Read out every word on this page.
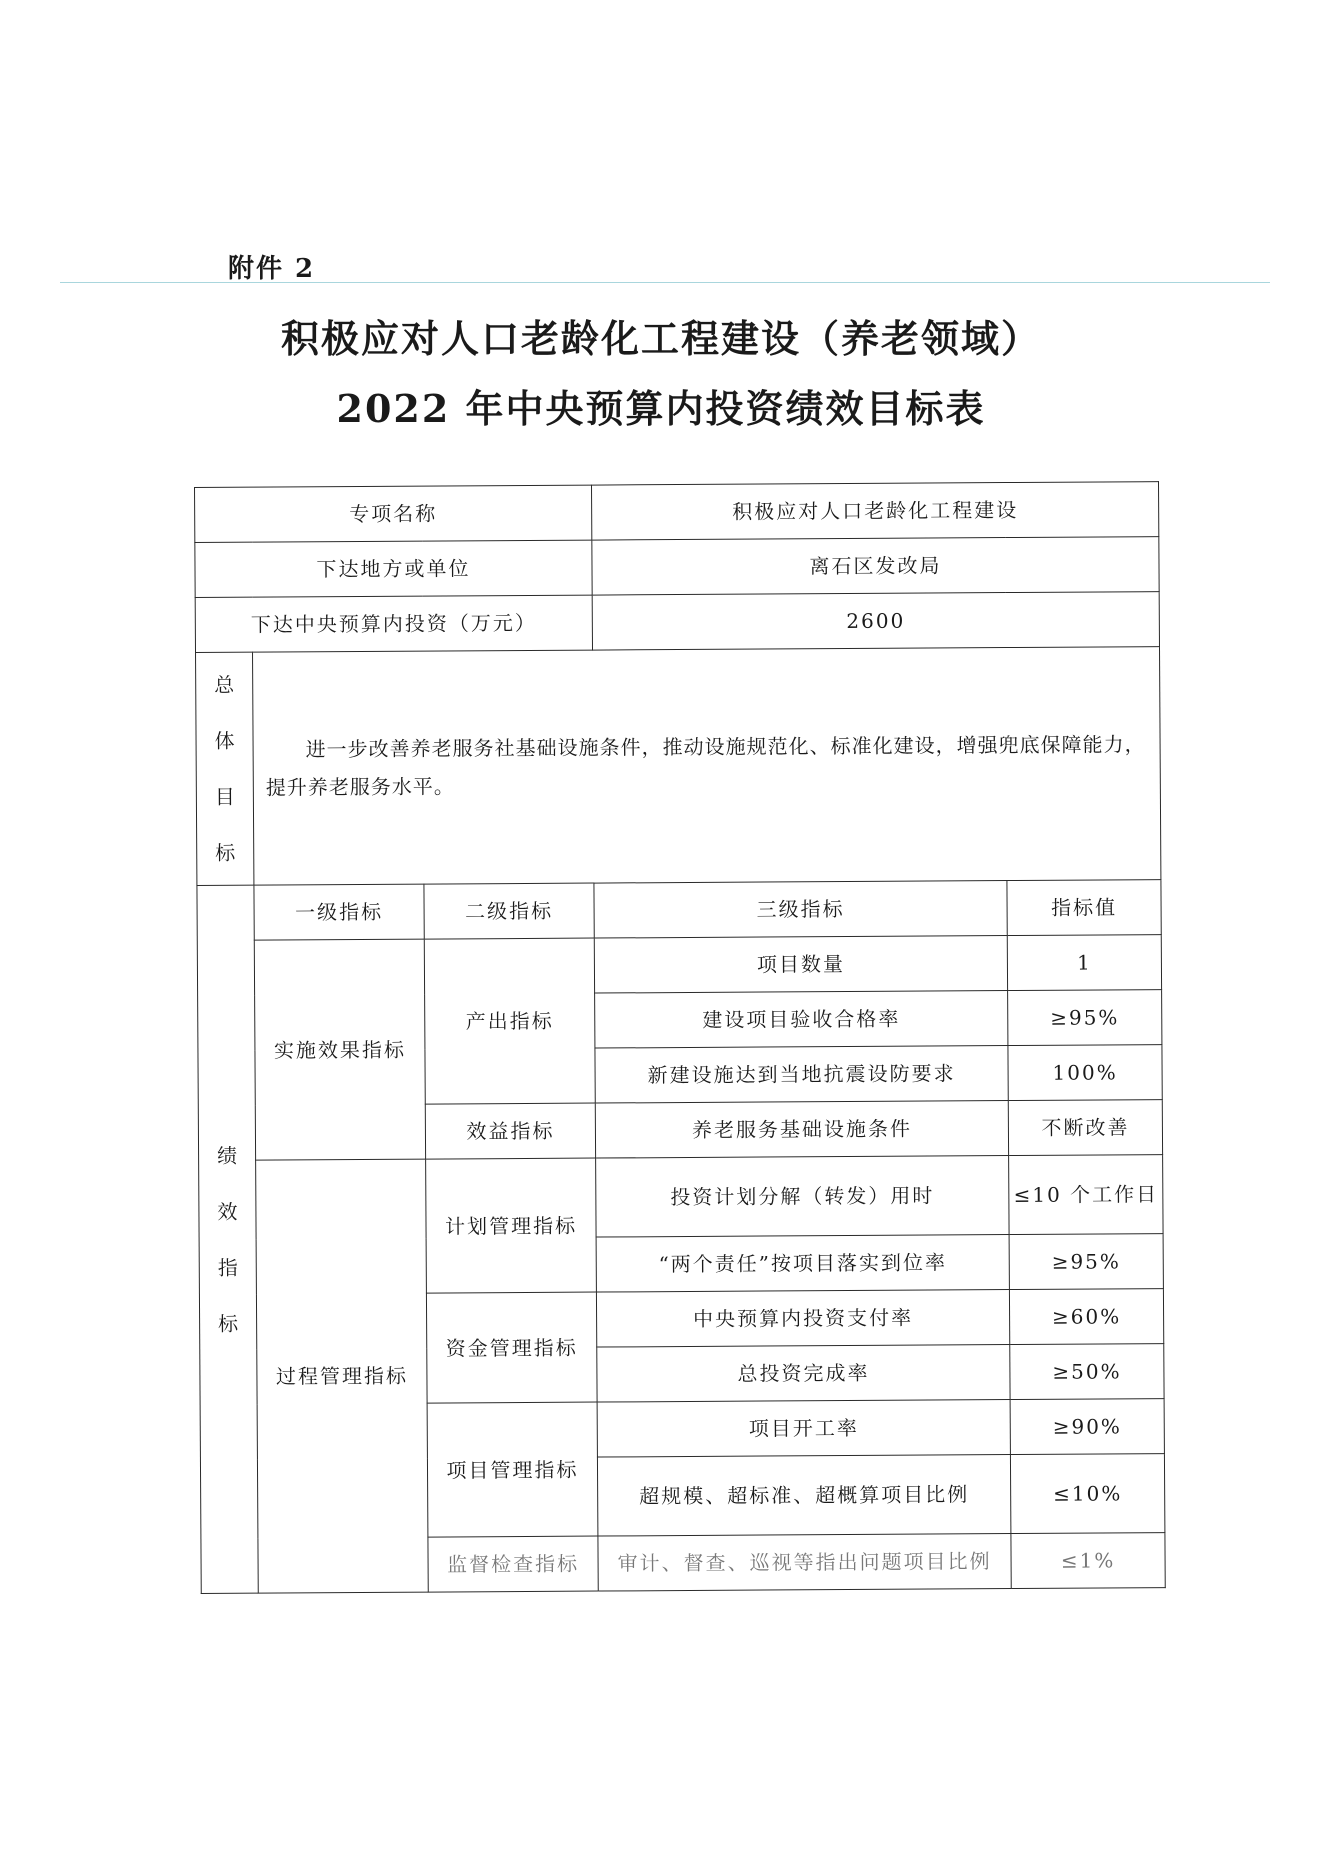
附件 2
积极应对人口老龄化工程建设（养老领域）
2022 年中央预算内投资绩效目标表
专项名称			积极应对人口老龄化工程建设	
下达地方或单位			离石区发改局	
下达中央预算内投资（万元）			2600	

总体目标	进一步改善养老服务社基础设施条件，推动设施规范化、标准化建设，增强兜底保障能力，提升养老服务水平。			

绩效指标	一级指标	二级指标	三级指标	指标值
	实施效果指标	产出指标	项目数量	1
			建设项目验收合格率	≥95%
			新建设施达到当地抗震设防要求	100%
		效益指标	养老服务基础设施条件	不断改善
	过程管理指标	计划管理指标	投资计划分解（转发）用时	≤10 个工作日
			“两个责任”按项目落实到位率	≥95%
		资金管理指标	中央预算内投资支付率	≥60%
			总投资完成率	≥50%
		项目管理指标	项目开工率	≥90%
			超规模、超标准、超概算项目比例	≤10%
		监督检查指标	审计、督查、巡视等指出问题项目比例	≤1%
